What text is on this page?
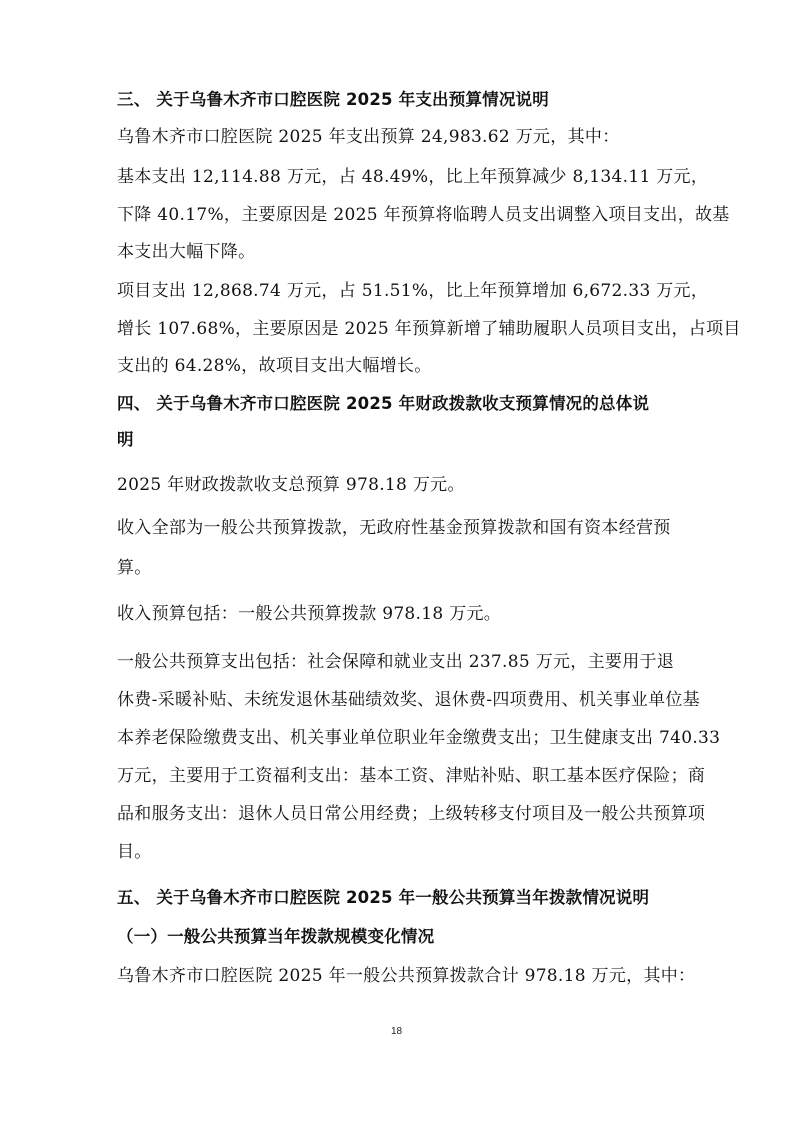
三、 关于乌鲁木齐市口腔医院 2025 年支出预算情况说明

乌鲁木齐市口腔医院 2025 年支出预算 24,983.62 万元，其中：

基本支出 12,114.88 万元，占 48.49%，比上年预算减少 8,134.11 万元，

下降 40.17%，主要原因是 2025 年预算将临聘人员支出调整入项目支出，故基

本支出大幅下降。

项目支出 12,868.74 万元，占 51.51%，比上年预算增加 6,672.33 万元，

增长 107.68%，主要原因是 2025 年预算新增了辅助履职人员项目支出，占项目

支出的 64.28%，故项目支出大幅增长。

四、 关于乌鲁木齐市口腔医院 2025 年财政拨款收支预算情况的总体说

明

2025 年财政拨款收支总预算 978.18 万元。

收入全部为一般公共预算拨款，无政府性基金预算拨款和国有资本经营预

算。

收入预算包括：一般公共预算拨款 978.18 万元。

一般公共预算支出包括：社会保障和就业支出 237.85 万元，主要用于退

休费-采暖补贴、未统发退休基础绩效奖、退休费-四项费用、机关事业单位基

本养老保险缴费支出、机关事业单位职业年金缴费支出；卫生健康支出 740.33

万元，主要用于工资福利支出：基本工资、津贴补贴、职工基本医疗保险；商

品和服务支出：退休人员日常公用经费；上级转移支付项目及一般公共预算项

目。

五、 关于乌鲁木齐市口腔医院 2025 年一般公共预算当年拨款情况说明

（一）一般公共预算当年拨款规模变化情况

乌鲁木齐市口腔医院 2025 年一般公共预算拨款合计 978.18 万元，其中：

18
